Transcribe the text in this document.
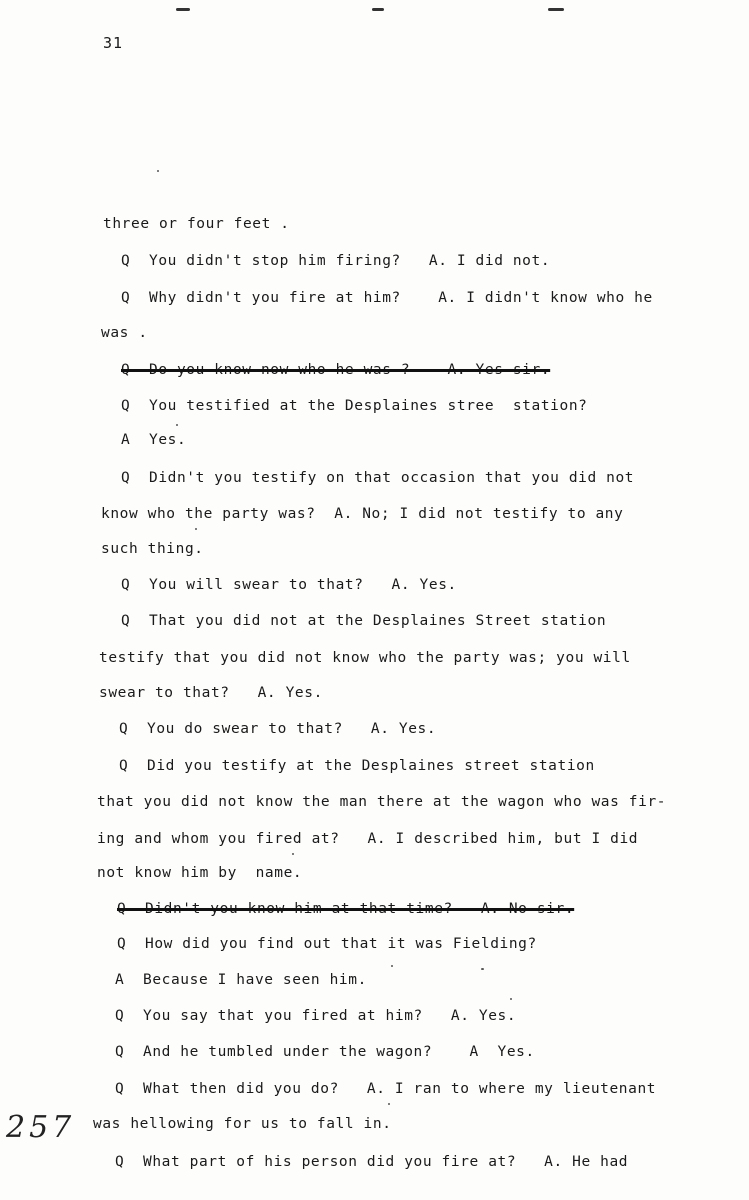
31
three or four feet .
Q  You didn't stop him firing?   A. I did not.
Q  Why didn't you fire at him?    A. I didn't know who he
was .
Q  Do you know now who he was ?    A. Yes sir.
Q  You testified at the Desplaines stree  station?
A  Yes.
Q  Didn't you testify on that occasion that you did not
know who the party was?  A. No; I did not testify to any
such thing.
Q  You will swear to that?   A. Yes.
Q  That you did not at the Desplaines Street station
testify that you did not know who the party was; you will
swear to that?   A. Yes.
Q  You do swear to that?   A. Yes.
Q  Did you testify at the Desplaines street station
that you did not know the man there at the wagon who was fir-
ing and whom you fired at?   A. I described him, but I did
not know him by  name.
Q  Didn't you know him at that time?   A. No sir.
Q  How did you find out that it was Fielding?
A  Because I have seen him.
Q  You say that you fired at him?   A. Yes.
Q  And he tumbled under the wagon?    A  Yes.
Q  What then did you do?   A. I ran to where my lieutenant
was hellowing for us to fall in.
Q  What part of his person did you fire at?   A. He had
257
